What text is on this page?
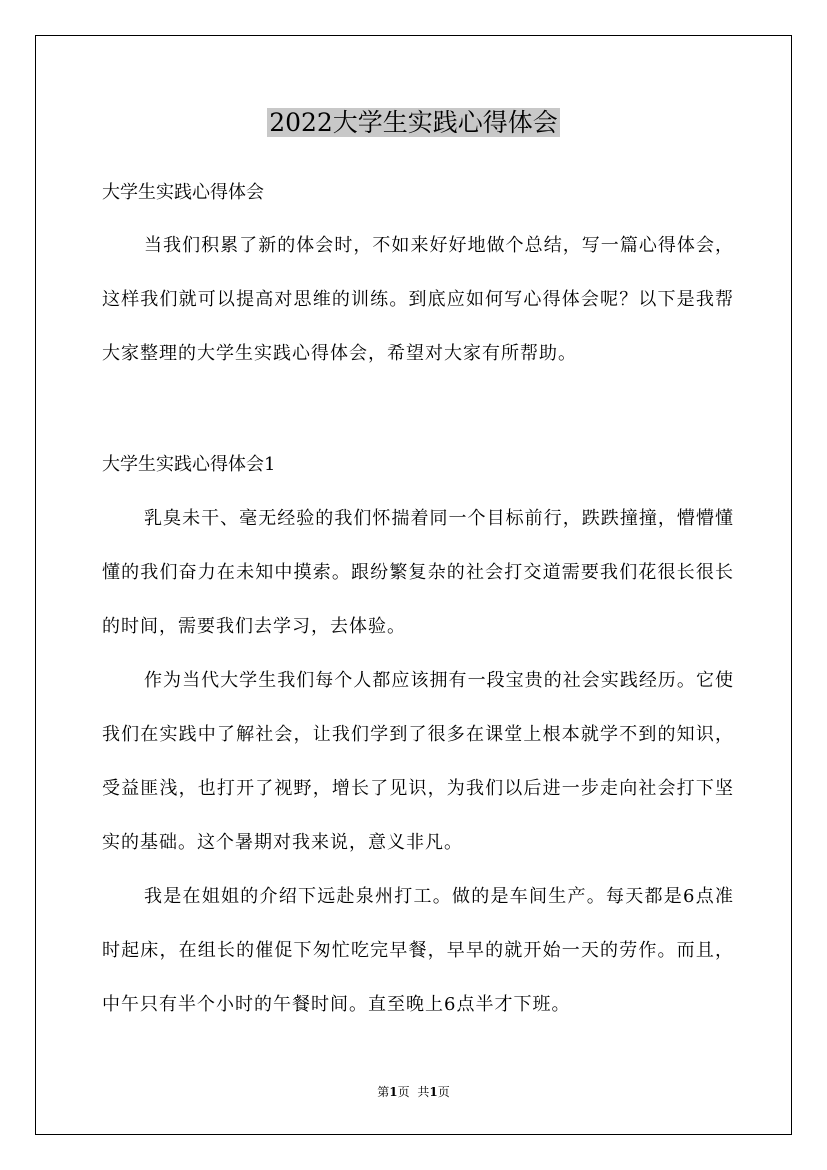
2022大学生实践心得体会

大学生实践心得体会

当我们积累了新的体会时，不如来好好地做个总结，写一篇心得体会，这样我们就可以提高对思维的训练。到底应如何写心得体会呢？以下是我帮大家整理的大学生实践心得体会，希望对大家有所帮助。

大学生实践心得体会1

乳臭未干、毫无经验的我们怀揣着同一个目标前行，跌跌撞撞，懵懵懂懂的我们奋力在未知中摸索。跟纷繁复杂的社会打交道需要我们花很长很长的时间，需要我们去学习，去体验。

作为当代大学生我们每个人都应该拥有一段宝贵的社会实践经历。它使我们在实践中了解社会，让我们学到了很多在课堂上根本就学不到的知识，受益匪浅，也打开了视野，增长了见识，为我们以后进一步走向社会打下坚实的基础。这个暑期对我来说，意义非凡。

我是在姐姐的介绍下远赴泉州打工。做的是车间生产。每天都是6点准时起床，在组长的催促下匆忙吃完早餐，早早的就开始一天的劳作。而且，中午只有半个小时的午餐时间。直至晚上6点半才下班。

第1页 共1页
